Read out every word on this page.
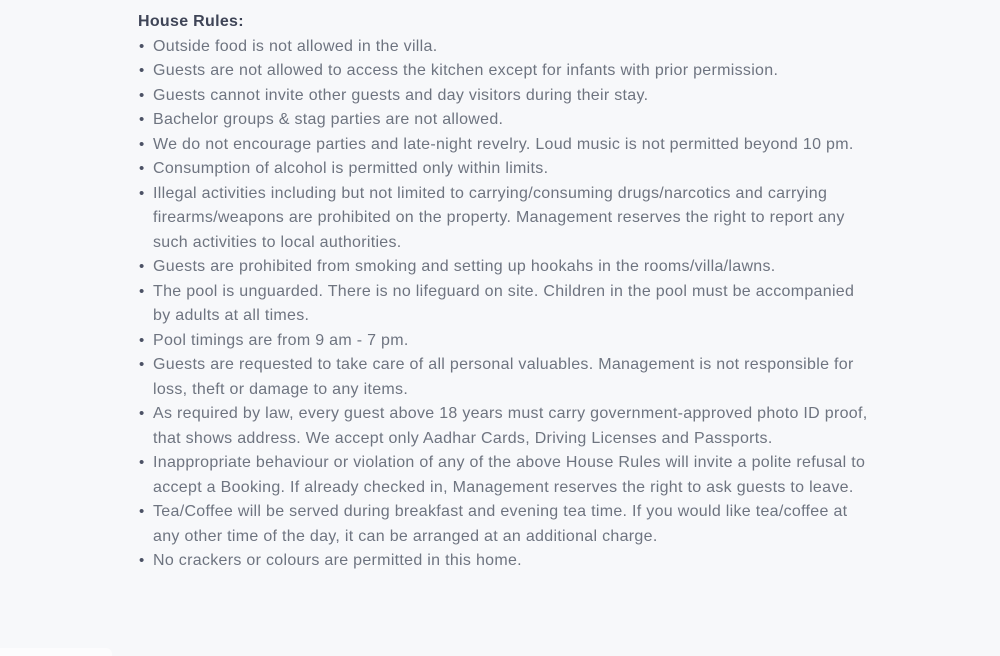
House Rules:
• Outside food is not allowed in the villa.
• Guests are not allowed to access the kitchen except for infants with prior permission.
• Guests cannot invite other guests and day visitors during their stay.
• Bachelor groups & stag parties are not allowed.
• We do not encourage parties and late-night revelry. Loud music is not permitted beyond 10 pm.
• Consumption of alcohol is permitted only within limits.
• Illegal activities including but not limited to carrying/consuming drugs/narcotics and carrying firearms/weapons are prohibited on the property. Management reserves the right to report any such activities to local authorities.
• Guests are prohibited from smoking and setting up hookahs in the rooms/villa/lawns.
• The pool is unguarded. There is no lifeguard on site. Children in the pool must be accompanied by adults at all times.
• Pool timings are from 9 am - 7 pm.
• Guests are requested to take care of all personal valuables. Management is not responsible for loss, theft or damage to any items.
• As required by law, every guest above 18 years must carry government-approved photo ID proof, that shows address. We accept only Aadhar Cards, Driving Licenses and Passports.
• Inappropriate behaviour or violation of any of the above House Rules will invite a polite refusal to accept a Booking. If already checked in, Management reserves the right to ask guests to leave.
• Tea/Coffee will be served during breakfast and evening tea time. If you would like tea/coffee at any other time of the day, it can be arranged at an additional charge.
• No crackers or colours are permitted in this home.
